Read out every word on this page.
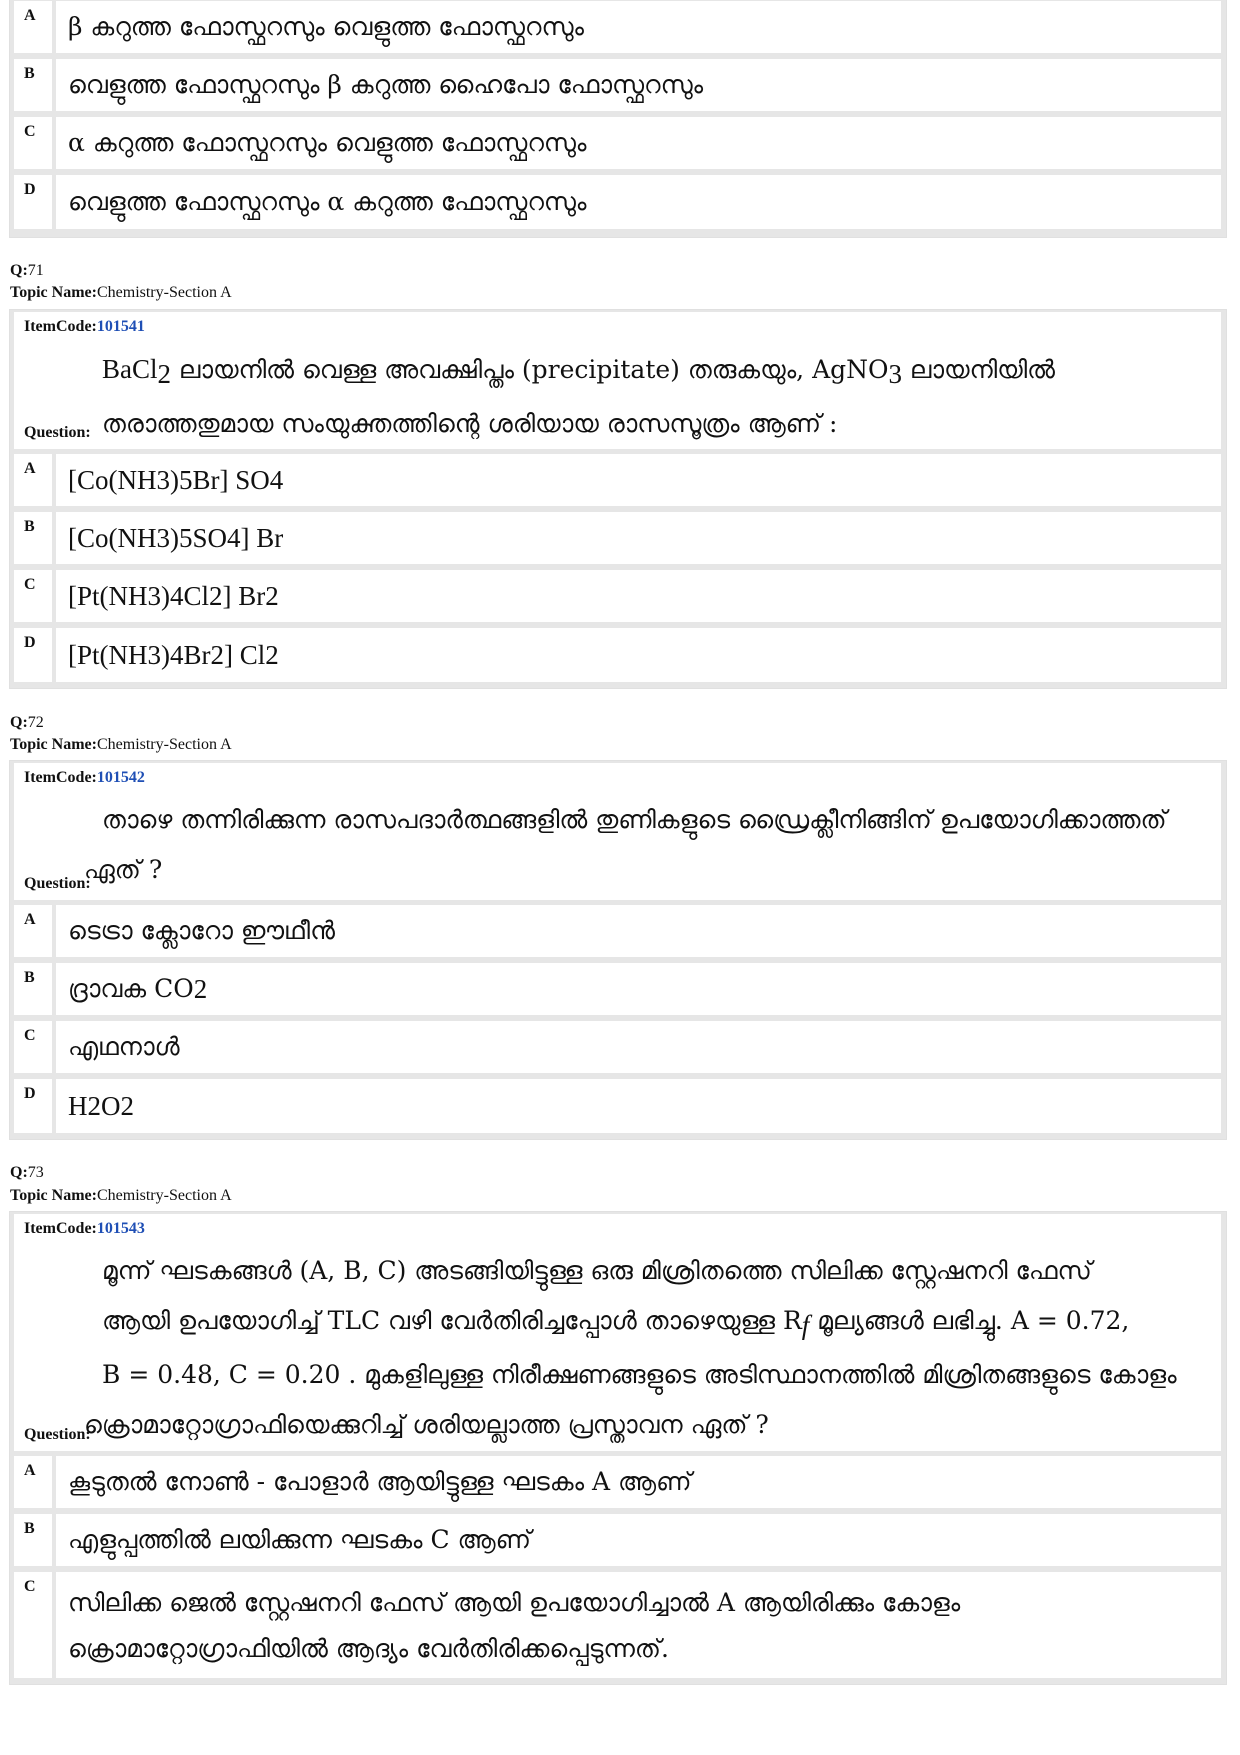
A	β കറുത്ത ഫോസ്ഫറസും വെളുത്ത ഫോസ്ഫറസും
B	വെളുത്ത ഫോസ്ഫറസും β കറുത്ത ഹൈപോ ഫോസ്ഫറസും
C	α കറുത്ത ഫോസ്ഫറസും വെളുത്ത ഫോസ്ഫറസും
D	വെളുത്ത ഫോസ്ഫറസും α കറുത്ത ഫോസ്ഫറസും
Q:71
Topic Name:Chemistry-Section A
ItemCode:101541
BaCl$_2$ ലായനിൽ വെള്ള അവക്ഷിപ്തം (precipitate) തരുകയും, AgNO$_3$ ലായനിയിൽ
തരാത്തതുമായ സംയുക്തത്തിന്റെ ശരിയായ രാസസൂത്രം ആണ് :
Question:
A [Co(NH 3 ) 5 Br] SO 4
B [Co(NH 3 ) 5 SO 4 ] Br
C [Pt(NH 3 ) 4 Cl 2 ] Br 2
D [Pt(NH 3 ) 4 Br 2 ] Cl 2
Q:72
Topic Name:Chemistry-Section A
ItemCode:101542
താഴെ തന്നിരിക്കുന്ന രാസപദാർത്ഥങ്ങളിൽ തുണികളുടെ ഡ്രൈക്ലീനിങ്ങിന് ഉപയോഗിക്കാത്തത്
ഏത് ?
Question:
A	ടെട്രാ ക്ലോറോ ഈഥീൻ
B ദ്രാവക CO 2
C	എഥനാൾ
D H 2 O 2
Q:73
Topic Name:Chemistry-Section A
ItemCode:101543
മൂന്ന് ഘടകങ്ങൾ (A, B, C) അടങ്ങിയിട്ടുള്ള ഒരു മിശ്രിതത്തെ സിലിക്ക സ്റ്റേഷനറി ഫേസ്
ആയി ഉപയോഗിച്ച് TLC വഴി വേർതിരിച്ചപ്പോൾ താഴെയുള്ള $R_f$ മൂല്യങ്ങൾ ലഭിച്ചു. A = 0.72,
B = 0.48, C = 0.20 . മുകളിലുള്ള നിരീക്ഷണങ്ങളുടെ അടിസ്ഥാനത്തിൽ മിശ്രിതങ്ങളുടെ കോളം
ക്രൊമാറ്റോഗ്രാഫിയെക്കുറിച്ച് ശരിയല്ലാത്ത പ്രസ്താവന ഏത് ?
Question:
A	കൂടുതൽ നോൺ - പോളാർ ആയിട്ടുള്ള ഘടകം A ആണ്
B	എളുപ്പത്തിൽ ലയിക്കുന്ന ഘടകം C ആണ്
C
സിലിക്ക ജെൽ സ്റ്റേഷനറി ഫേസ് ആയി ഉപയോഗിച്ചാൽ A ആയിരിക്കും കോളം
ക്രൊമാറ്റോഗ്രാഫിയിൽ ആദ്യം വേർതിരിക്കപ്പെടുന്നത്.
